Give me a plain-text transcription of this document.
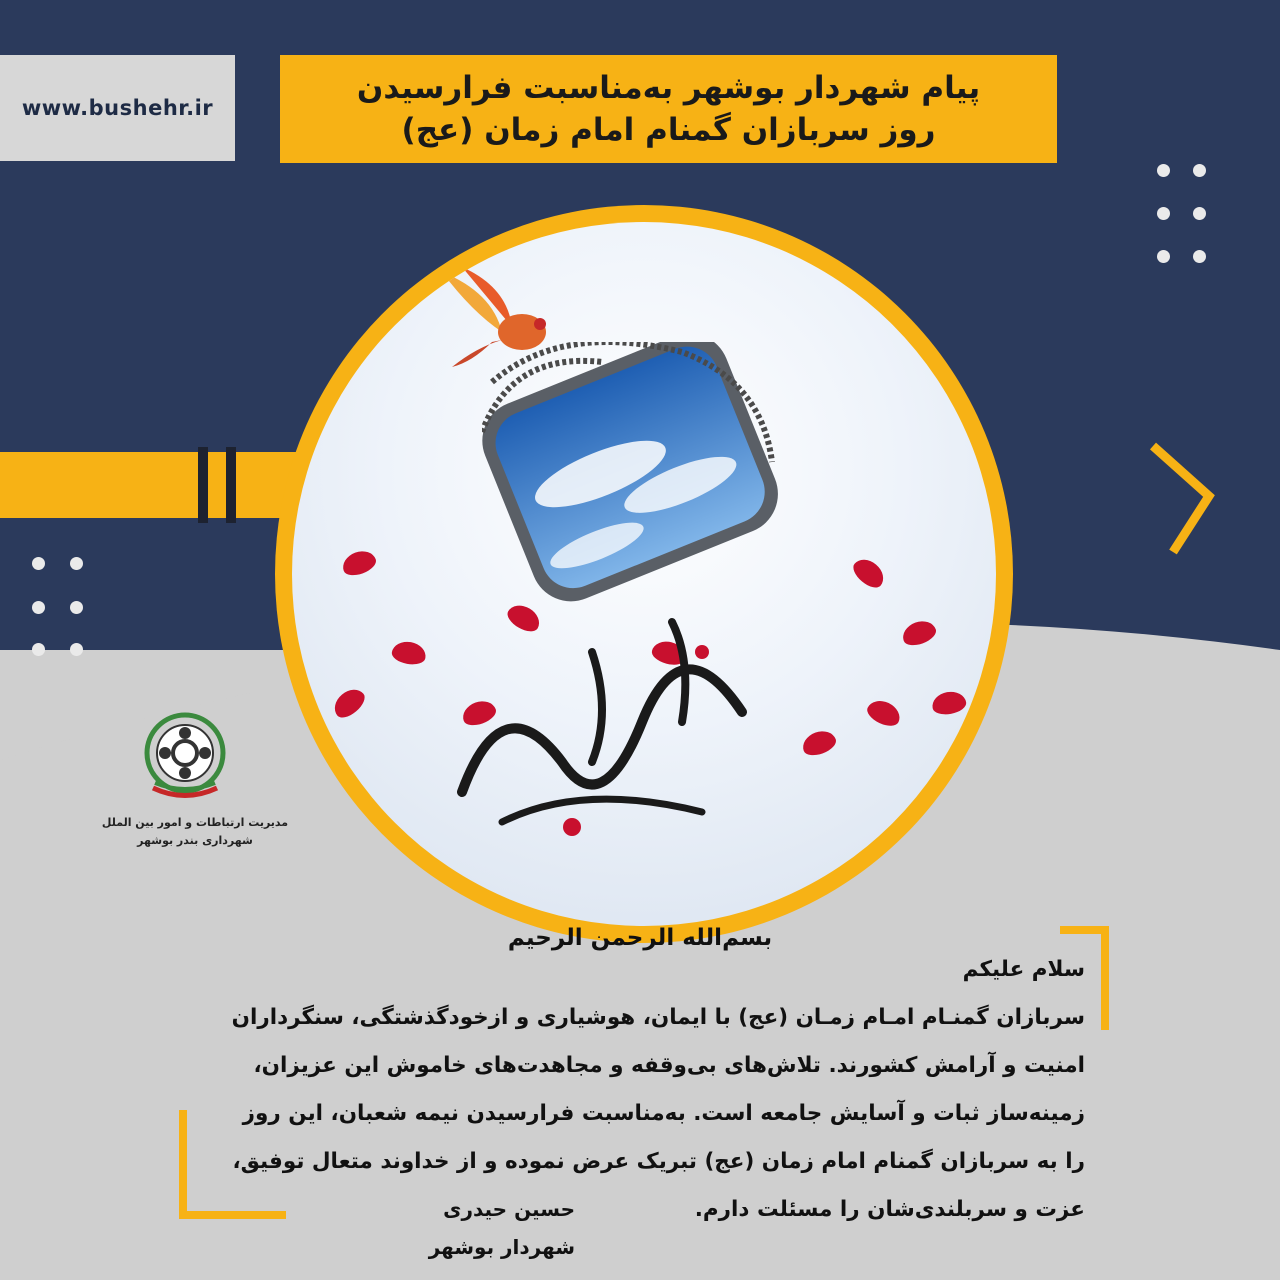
www.bushehr.ir
پیام شهردار بوشهر به‌مناسبت فرارسیدن
روز سربازان گمنام امام زمان (عج)
سربازان گمنام امام
مدیریت ارتباطات و امور بین الملل
شهرداری بندر بوشهر
بسم‌الله الرحمن الرحیم
سلام علیکم
سربازان گمنـام امـام زمـان (عج) با ایمان، هوشیاری و ازخودگذشتگی، سنگرداران
امنیت و آرامش کشورند. تلاش‌های بی‌وقفه و مجاهدت‌های خاموش این عزیزان،
زمینه‌ساز ثبات و آسایش جامعه است. به‌مناسبت فرارسیدن نیمه شعبان، این روز
را به سربازان گمنام امام زمان (عج) تبریک عرض نموده و از خداوند متعال توفیق،
عزت و سربلندی‌شان را مسئلت دارم.
حسین حیدری
شهردار بوشهر
